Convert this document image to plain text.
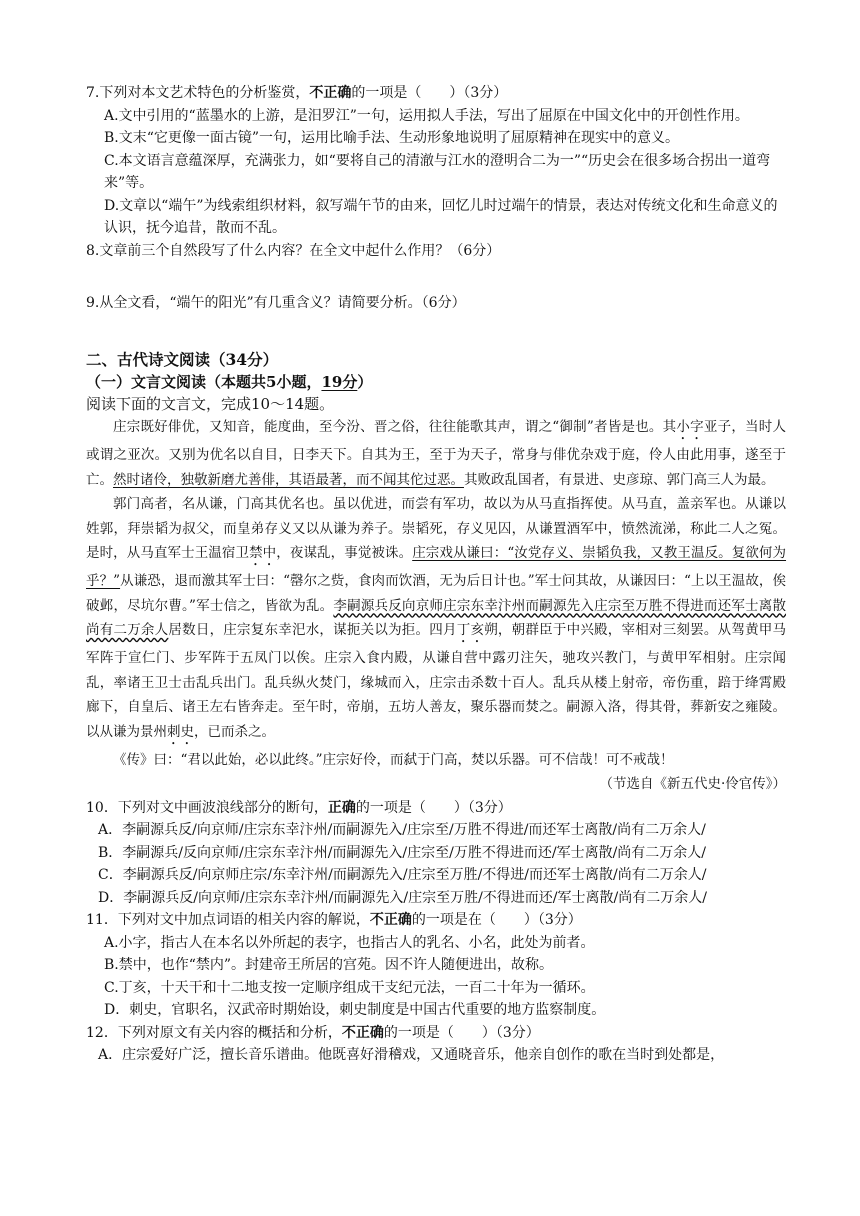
7.下列对本文艺术特色的分析鉴赏，不正确的一项是（　　）（3分）
A.文中引用的“蓝墨水的上游，是汨罗江”一句，运用拟人手法，写出了屈原在中国文化中的开创性作用。
B.文末“它更像一面古镜”一句，运用比喻手法、生动形象地说明了屈原精神在现实中的意义。
C.本文语言意蕴深厚，充满张力，如“要将自己的清澈与江水的澄明合二为一”“历史会在很多场合拐出一道弯来”等。
D.文章以“端午”为线索组织材料，叙写端午节的由来，回忆儿时过端午的情景，表达对传统文化和生命意义的认识，抚今追昔，散而不乱。
8.文章前三个自然段写了什么内容？在全文中起什么作用？（6分）
9.从全文看，“端午的阳光”有几重含义？请简要分析。（6分）
二、古代诗文阅读（34分）
（一）文言文阅读（本题共5小题，19分）
阅读下面的文言文，完成10～14题。
庄宗既好俳优，又知音，能度曲，至今汾、晋之俗，往往能歌其声，谓之“御制”者皆是也。其小字亚子，当时人或谓之亚次。又别为优名以自目，日李天下。自其为王，至于为天子，常身与俳优杂戏于庭，伶人由此用事，遂至于亡。然时诸伶，独敬新磨尤善俳，其语最著，而不闻其佗过恶。其败政乱国者，有景进、史彦琼、郭门高三人为最。
郭门高者，名从谦，门高其优名也。虽以优进，而尝有军功，故以为从马直指挥使。从马直，盖亲军也。从谦以姓郭，拜崇韬为叔父，而皇弟存义又以从谦为养子。崇韬死，存义见囚，从谦置酒军中，愤然流涕，称此二人之冤。是时，从马直军士王温宿卫禁中，夜谋乱，事觉被诛。庄宗戏从谦曰：“汝党存义、崇韬负我，又教王温反。复欲何为乎？”从谦恐，退而激其军士曰：“罄尔之赀，食肉而饮酒，无为后日计也。”军士问其故，从谦因曰：“上以王温故，俟破邺，尽坑尔曹。”军士信之，皆欲为乱。李嗣源兵反向京师庄宗东幸汴州而嗣源先入庄宗至万胜不得进而还军士离散尚有二万余人居数日，庄宗复东幸汜水，谋扼关以为拒。四月丁亥朔，朝群臣于中兴殿，宰相对三刻罢。从驾黄甲马军阵于宣仁门、步军阵于五凤门以俟。庄宗入食内殿，从谦自营中露刃注矢，驰攻兴教门，与黄甲军相射。庄宗闻乱，率诸王卫士击乱兵出门。乱兵纵火焚门，缘城而入，庄宗击杀数十百人。乱兵从楼上射帝，帝伤重，踣于绛霄殿廊下，自皇后、诸王左右皆奔走。至午时，帝崩，五坊人善友，聚乐器而焚之。嗣源入洛，得其骨，葬新安之雍陵。以从谦为景州刺史，已而杀之。
《传》曰：“君以此始，必以此终。”庄宗好伶，而弑于门高，焚以乐器。可不信哉！可不戒哉！
（节选自《新五代史·伶官传》）
10．下列对文中画波浪线部分的断句，正确的一项是（　　）（3分）
A．李嗣源兵反/向京师/庄宗东幸汴州/而嗣源先入/庄宗至/万胜不得进/而还军士离散/尚有二万余人/
B．李嗣源兵/反向京师/庄宗东幸汴州/而嗣源先入/庄宗至/万胜不得进而还/军士离散/尚有二万余人/
C．李嗣源兵反/向京师庄宗/东幸汴州/而嗣源先入/庄宗至万胜/不得进/而还军士离散/尚有二万余人/
D．李嗣源兵反/向京师/庄宗东幸汴州/而嗣源先入/庄宗至万胜/不得进而还/军士离散/尚有二万余人/
11．下列对文中加点词语的相关内容的解说，不正确的一项是在（　　）（3分）
A.小字，指古人在本名以外所起的表字，也指古人的乳名、小名，此处为前者。
B.禁中，也作“禁内”。封建帝王所居的宫苑。因不许人随便进出，故称。
C.丁亥，十天干和十二地支按一定顺序组成干支纪元法，一百二十年为一循环。
D．刺史，官职名，汉武帝时期始设，刺史制度是中国古代重要的地方监察制度。
12．下列对原文有关内容的概括和分析，不正确的一项是（　　）（3分）
A．庄宗爱好广泛，擅长音乐谱曲。他既喜好滑稽戏，又通晓音乐，他亲自创作的歌在当时到处都是，
